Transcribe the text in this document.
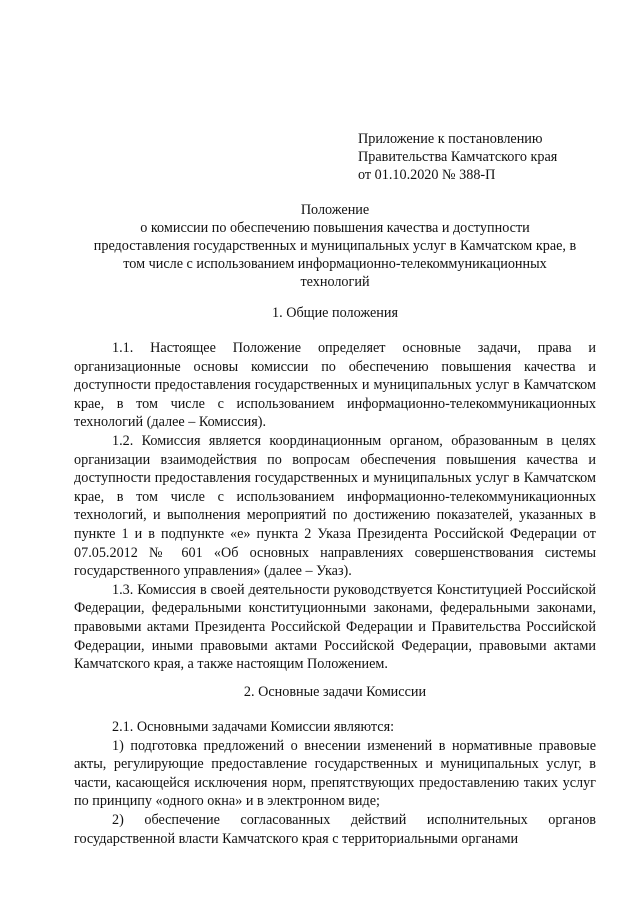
Приложение к постановлению
Правительства Камчатского края
от 01.10.2020 № 388-П
Положение
о комиссии по обеспечению повышения качества и доступности
предоставления государственных и муниципальных услуг в Камчатском крае, в
том числе с использованием информационно-телекоммуникационных
технологий
1. Общие положения

1.1. Настоящее Положение определяет основные задачи, права и организационные основы комиссии по обеспечению повышения качества и доступности предоставления государственных и муниципальных услуг в Камчатском крае, в том числе с использованием информационно-телекоммуникационных технологий (далее – Комиссия).

1.2. Комиссия является координационным органом, образованным в целях организации взаимодействия по вопросам обеспечения повышения качества и доступности предоставления государственных и муниципальных услуг в Камчатском крае, в том числе с использованием информационно-телекоммуникационных технологий, и выполнения мероприятий по достижению показателей, указанных в пункте 1 и в подпункте «е» пункта 2 Указа Президента Российской Федерации от 07.05.2012 № 601 «Об основных направлениях совершенствования системы государственного управления» (далее – Указ).

1.3. Комиссия в своей деятельности руководствуется Конституцией Российской Федерации, федеральными конституционными законами, федеральными законами, правовыми актами Президента Российской Федерации и Правительства Российской Федерации, иными правовыми актами Российской Федерации, правовыми актами Камчатского края, а также настоящим Положением.

2. Основные задачи Комиссии

2.1. Основными задачами Комиссии являются:

1) подготовка предложений о внесении изменений в нормативные правовые акты, регулирующие предоставление государственных и муниципальных услуг, в части, касающейся исключения норм, препятствующих предоставлению таких услуг по принципу «одного окна» и в электронном виде;

2) обеспечение согласованных действий исполнительных органов государственной власти Камчатского края с территориальными органами
